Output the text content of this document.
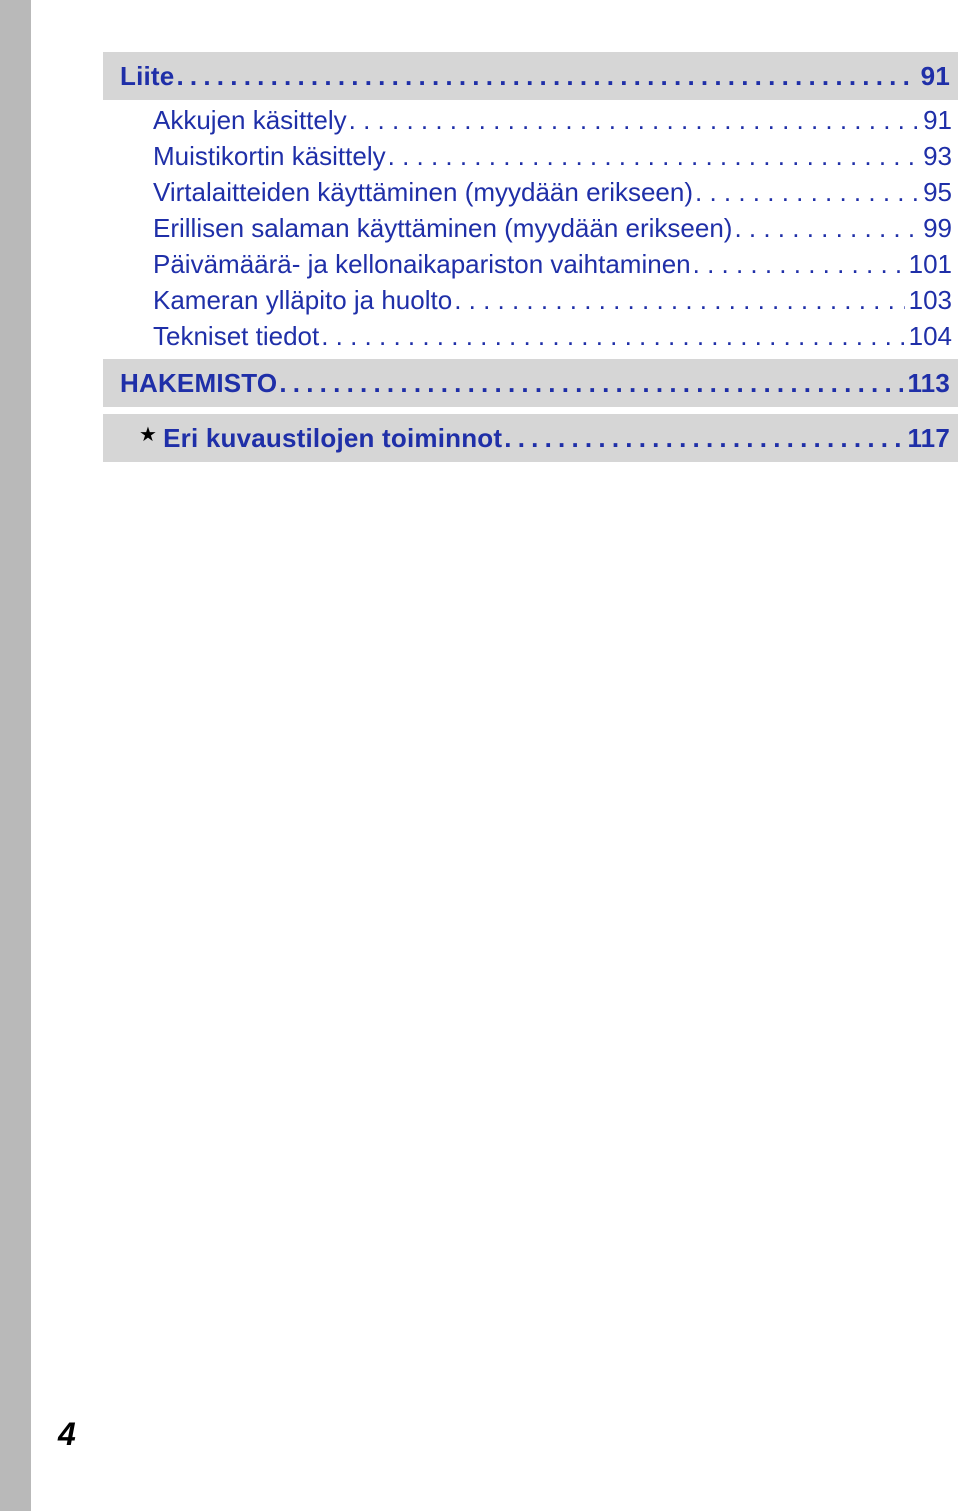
Liite . . .	91
Akkujen käsittely . . .	91
Muistikortin käsittely . . .	93
Virtalaitteiden käyttäminen (myydään erikseen) . . .	95
Erillisen salaman käyttäminen (myydään erikseen) . . .	99
Päivämäärä- ja kellonaikapariston vaihtaminen . . .	101
Kameran ylläpito ja huolto . . .	103
Tekniset tiedot . . .	104
HAKEMISTO . . .	113
★ Eri kuvaustilojen toiminnot . . .	117
4
